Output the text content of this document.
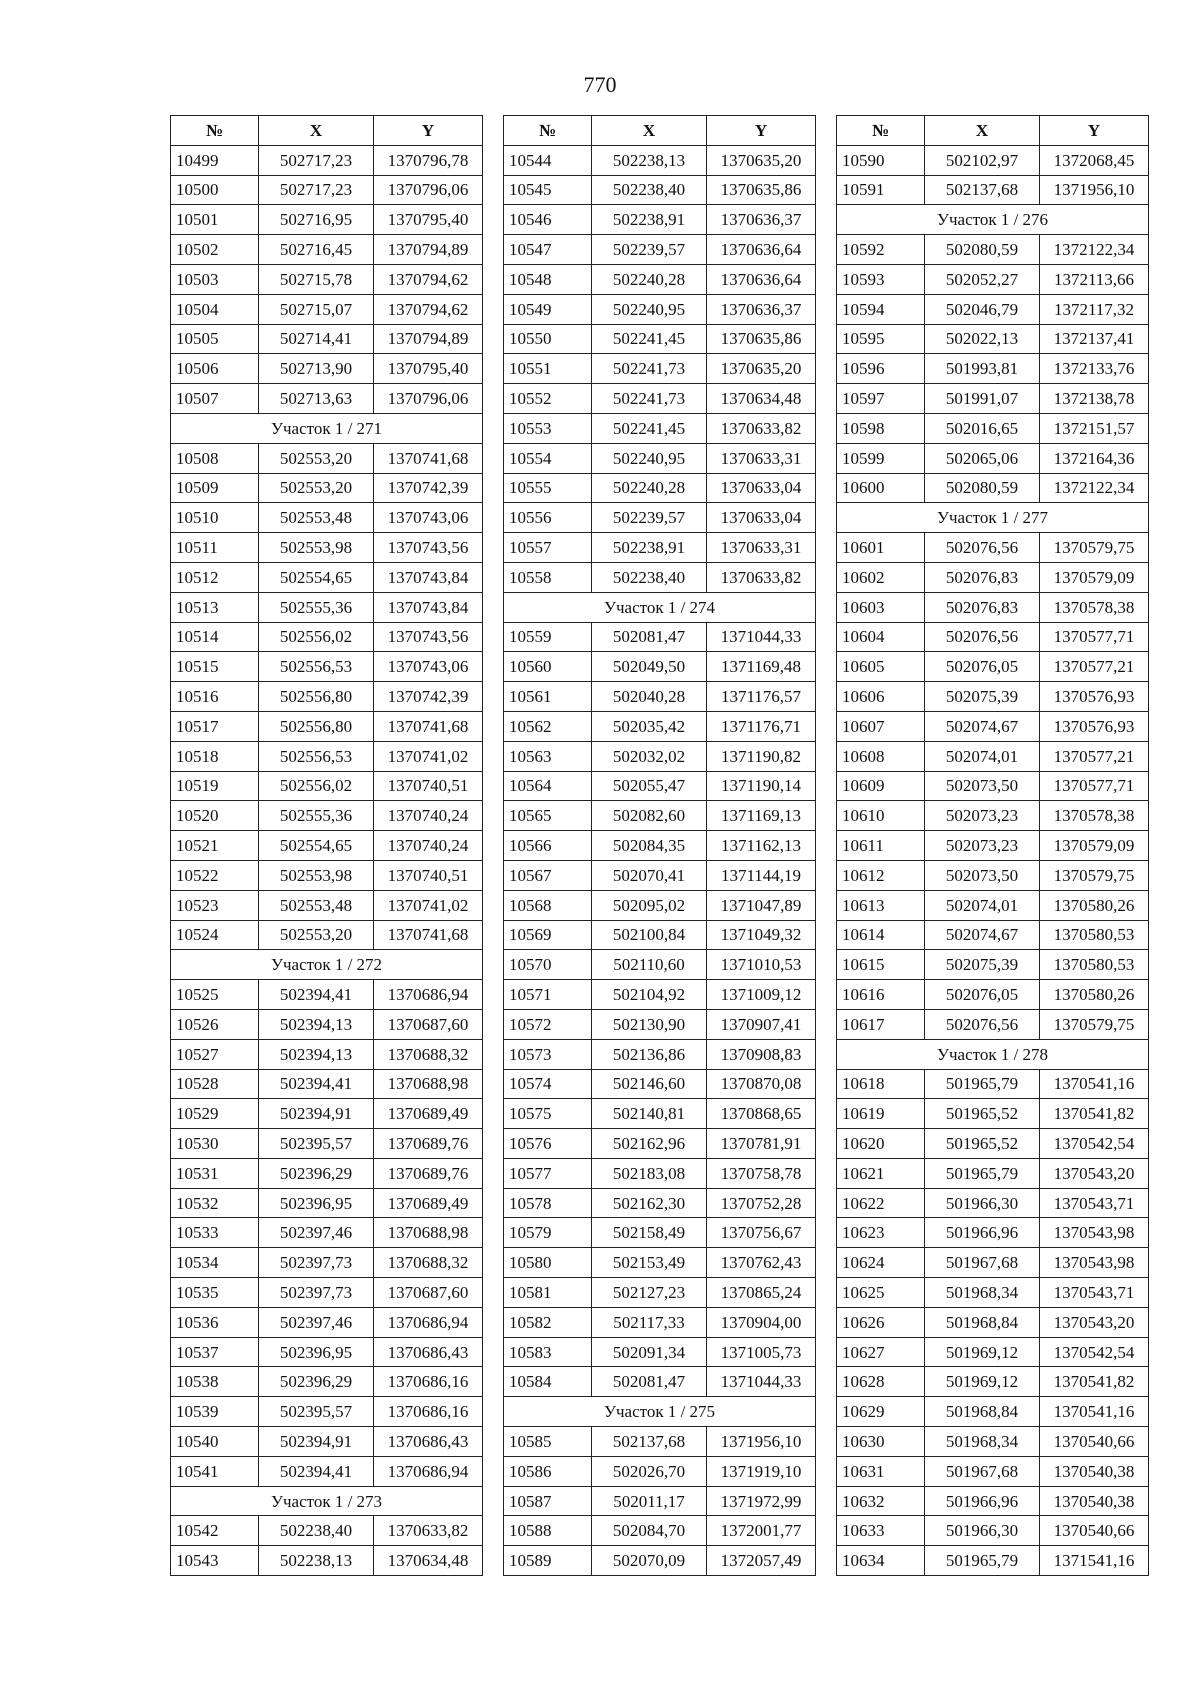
770
№	X	Y
10499	502717,23	1370796,78
10500	502717,23	1370796,06
10501	502716,95	1370795,40
10502	502716,45	1370794,89
10503	502715,78	1370794,62
10504	502715,07	1370794,62
10505	502714,41	1370794,89
10506	502713,90	1370795,40
10507	502713,63	1370796,06
Участок 1 / 271		
10508	502553,20	1370741,68
10509	502553,20	1370742,39
10510	502553,48	1370743,06
10511	502553,98	1370743,56
10512	502554,65	1370743,84
10513	502555,36	1370743,84
10514	502556,02	1370743,56
10515	502556,53	1370743,06
10516	502556,80	1370742,39
10517	502556,80	1370741,68
10518	502556,53	1370741,02
10519	502556,02	1370740,51
10520	502555,36	1370740,24
10521	502554,65	1370740,24
10522	502553,98	1370740,51
10523	502553,48	1370741,02
10524	502553,20	1370741,68
Участок 1 / 272		
10525	502394,41	1370686,94
10526	502394,13	1370687,60
10527	502394,13	1370688,32
10528	502394,41	1370688,98
10529	502394,91	1370689,49
10530	502395,57	1370689,76
10531	502396,29	1370689,76
10532	502396,95	1370689,49
10533	502397,46	1370688,98
10534	502397,73	1370688,32
10535	502397,73	1370687,60
10536	502397,46	1370686,94
10537	502396,95	1370686,43
10538	502396,29	1370686,16
10539	502395,57	1370686,16
10540	502394,91	1370686,43
10541	502394,41	1370686,94
Участок 1 / 273		
10542	502238,40	1370633,82
10543	502238,13	1370634,48
№	X	Y
10544	502238,13	1370635,20
10545	502238,40	1370635,86
10546	502238,91	1370636,37
10547	502239,57	1370636,64
10548	502240,28	1370636,64
10549	502240,95	1370636,37
10550	502241,45	1370635,86
10551	502241,73	1370635,20
10552	502241,73	1370634,48
10553	502241,45	1370633,82
10554	502240,95	1370633,31
10555	502240,28	1370633,04
10556	502239,57	1370633,04
10557	502238,91	1370633,31
10558	502238,40	1370633,82
Участок 1 / 274		
10559	502081,47	1371044,33
10560	502049,50	1371169,48
10561	502040,28	1371176,57
10562	502035,42	1371176,71
10563	502032,02	1371190,82
10564	502055,47	1371190,14
10565	502082,60	1371169,13
10566	502084,35	1371162,13
10567	502070,41	1371144,19
10568	502095,02	1371047,89
10569	502100,84	1371049,32
10570	502110,60	1371010,53
10571	502104,92	1371009,12
10572	502130,90	1370907,41
10573	502136,86	1370908,83
10574	502146,60	1370870,08
10575	502140,81	1370868,65
10576	502162,96	1370781,91
10577	502183,08	1370758,78
10578	502162,30	1370752,28
10579	502158,49	1370756,67
10580	502153,49	1370762,43
10581	502127,23	1370865,24
10582	502117,33	1370904,00
10583	502091,34	1371005,73
10584	502081,47	1371044,33
Участок 1 / 275		
10585	502137,68	1371956,10
10586	502026,70	1371919,10
10587	502011,17	1371972,99
10588	502084,70	1372001,77
10589	502070,09	1372057,49
№	X	Y
10590	502102,97	1372068,45
10591	502137,68	1371956,10
Участок 1 / 276		
10592	502080,59	1372122,34
10593	502052,27	1372113,66
10594	502046,79	1372117,32
10595	502022,13	1372137,41
10596	501993,81	1372133,76
10597	501991,07	1372138,78
10598	502016,65	1372151,57
10599	502065,06	1372164,36
10600	502080,59	1372122,34
Участок 1 / 277		
10601	502076,56	1370579,75
10602	502076,83	1370579,09
10603	502076,83	1370578,38
10604	502076,56	1370577,71
10605	502076,05	1370577,21
10606	502075,39	1370576,93
10607	502074,67	1370576,93
10608	502074,01	1370577,21
10609	502073,50	1370577,71
10610	502073,23	1370578,38
10611	502073,23	1370579,09
10612	502073,50	1370579,75
10613	502074,01	1370580,26
10614	502074,67	1370580,53
10615	502075,39	1370580,53
10616	502076,05	1370580,26
10617	502076,56	1370579,75
Участок 1 / 278		
10618	501965,79	1370541,16
10619	501965,52	1370541,82
10620	501965,52	1370542,54
10621	501965,79	1370543,20
10622	501966,30	1370543,71
10623	501966,96	1370543,98
10624	501967,68	1370543,98
10625	501968,34	1370543,71
10626	501968,84	1370543,20
10627	501969,12	1370542,54
10628	501969,12	1370541,82
10629	501968,84	1370541,16
10630	501968,34	1370540,66
10631	501967,68	1370540,38
10632	501966,96	1370540,38
10633	501966,30	1370540,66
10634	501965,79	1371541,16
